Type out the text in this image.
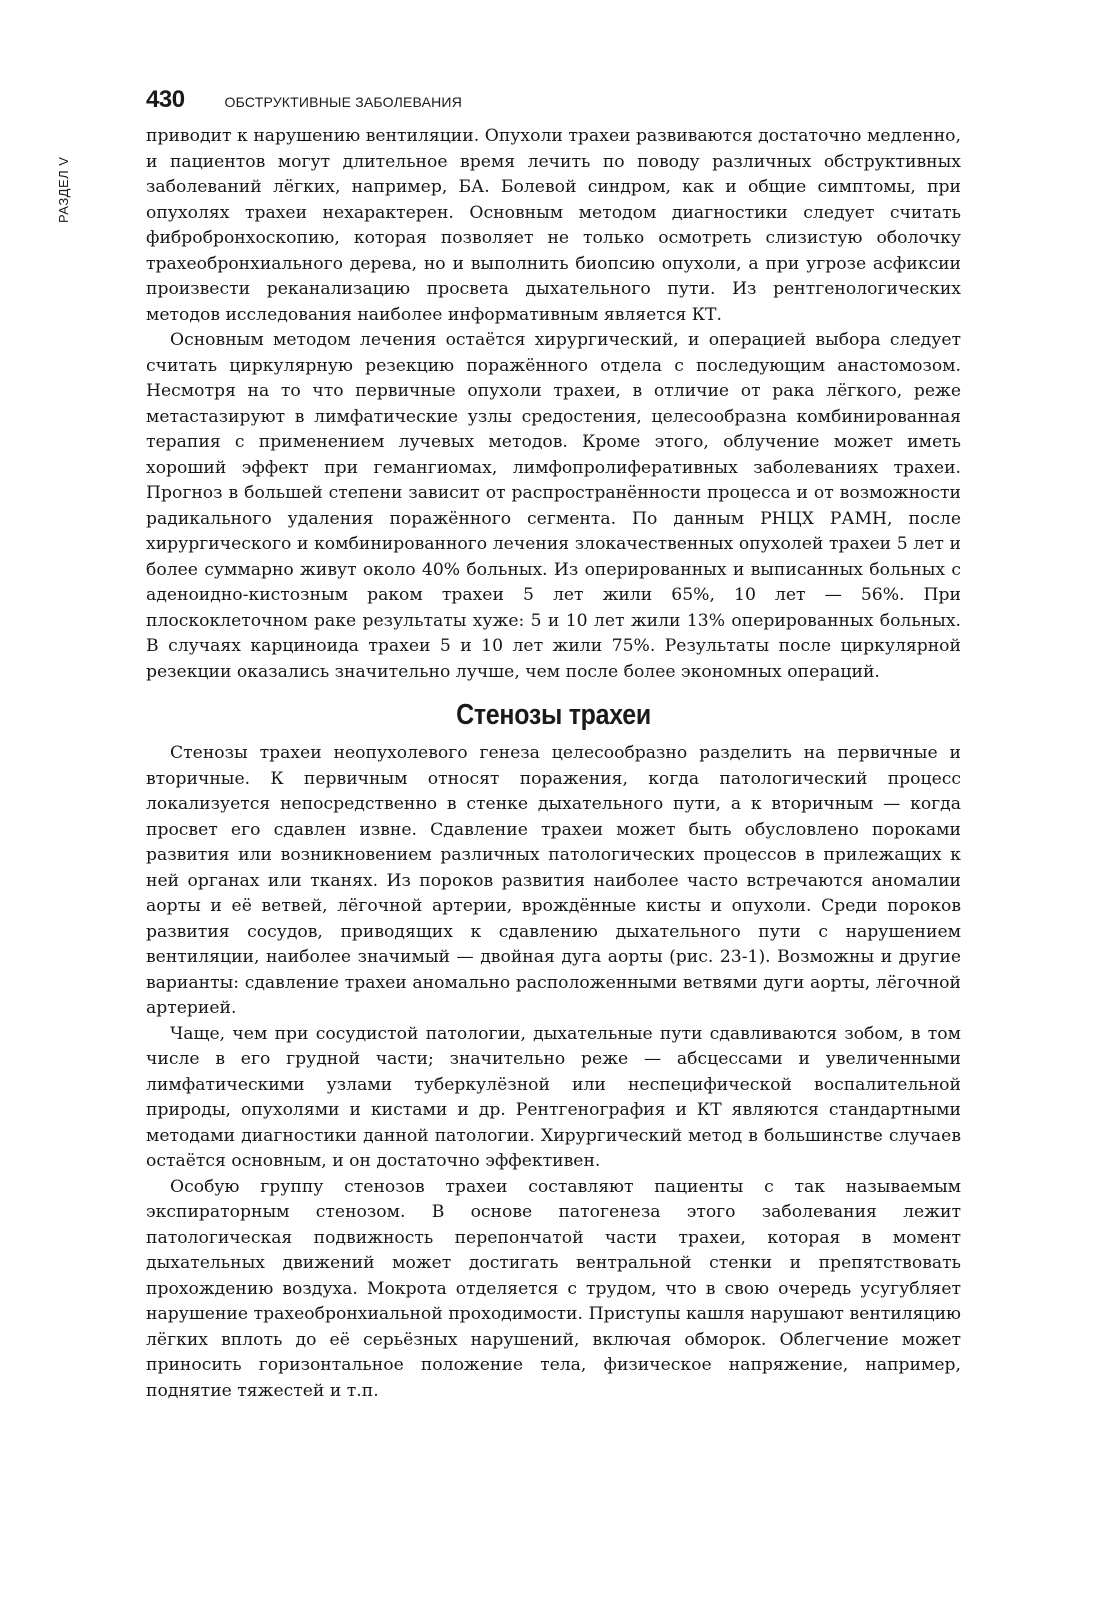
РАЗДЕЛ V
430	ОБСТРУКТИВНЫЕ ЗАБОЛЕВАНИЯ

приводит к нарушению вентиляции. Опухоли трахеи развиваются достаточно медленно, и пациентов могут длительное время лечить по поводу различных обструктивных заболеваний лёгких, например, БА. Болевой синдром, как и общие симптомы, при опухолях трахеи нехарактерен. Основным методом диагностики следует считать фибробронхоскопию, которая позволяет не только осмотреть слизистую оболочку трахеобронхиального дерева, но и выполнить биопсию опухоли, а при угрозе асфиксии произвести реканализацию просвета дыхательного пути. Из рентгенологических методов исследования наиболее информативным является КТ.

Основным методом лечения остаётся хирургический, и операцией выбора следует считать циркулярную резекцию поражённого отдела с последующим анастомозом. Несмотря на то что первичные опухоли трахеи, в отличие от рака лёгкого, реже метастазируют в лимфатические узлы средостения, целесообразна комбинированная терапия с применением лучевых методов. Кроме этого, облучение может иметь хороший эффект при гемангиомах, лимфопролиферативных заболеваниях трахеи. Прогноз в большей степени зависит от распространённости процесса и от возможности радикального удаления поражённого сегмента. По данным РНЦХ РАМН, после хирургического и комбинированного лечения злокачественных опухолей трахеи 5 лет и более суммарно живут около 40% больных. Из оперированных и выписанных больных с аденоидно-кистозным раком трахеи 5 лет жили 65%, 10 лет — 56%. При плоскоклеточном раке результаты хуже: 5 и 10 лет жили 13% оперированных больных. В случаях карциноида трахеи 5 и 10 лет жили 75%. Результаты после циркулярной резекции оказались значительно лучше, чем после более экономных операций.

Стенозы трахеи

Стенозы трахеи неопухолевого генеза целесообразно разделить на первичные и вторичные. К первичным относят поражения, когда патологический процесс локализуется непосредственно в стенке дыхательного пути, а к вторичным — когда просвет его сдавлен извне. Сдавление трахеи может быть обусловлено пороками развития или возникновением различных патологических процессов в прилежащих к ней органах или тканях. Из пороков развития наиболее часто встречаются аномалии аорты и её ветвей, лёгочной артерии, врождённые кисты и опухоли. Среди пороков развития сосудов, приводящих к сдавлению дыхательного пути с нарушением вентиляции, наиболее значимый — двойная дуга аорты (рис. 23-1). Возможны и другие варианты: сдавление трахеи аномально расположенными ветвями дуги аорты, лёгочной артерией.

Чаще, чем при сосудистой патологии, дыхательные пути сдавливаются зобом, в том числе в его грудной части; значительно реже — абсцессами и увеличенными лимфатическими узлами туберкулёзной или неспецифической воспалительной природы, опухолями и кистами и др. Рентгенография и КТ являются стандартными методами диагностики данной патологии. Хирургический метод в большинстве случаев остаётся основным, и он достаточно эффективен.

Особую группу стенозов трахеи составляют пациенты с так называемым экспираторным стенозом. В основе патогенеза этого заболевания лежит патологическая подвижность перепончатой части трахеи, которая в момент дыхательных движений может достигать вентральной стенки и препятствовать прохождению воздуха. Мокрота отделяется с трудом, что в свою очередь усугубляет нарушение трахеобронхиальной проходимости. Приступы кашля нарушают вентиляцию лёгких вплоть до её серьёзных нарушений, включая обморок. Облегчение может приносить горизонтальное положение тела, физическое напряжение, например, поднятие тяжестей и т.п.
